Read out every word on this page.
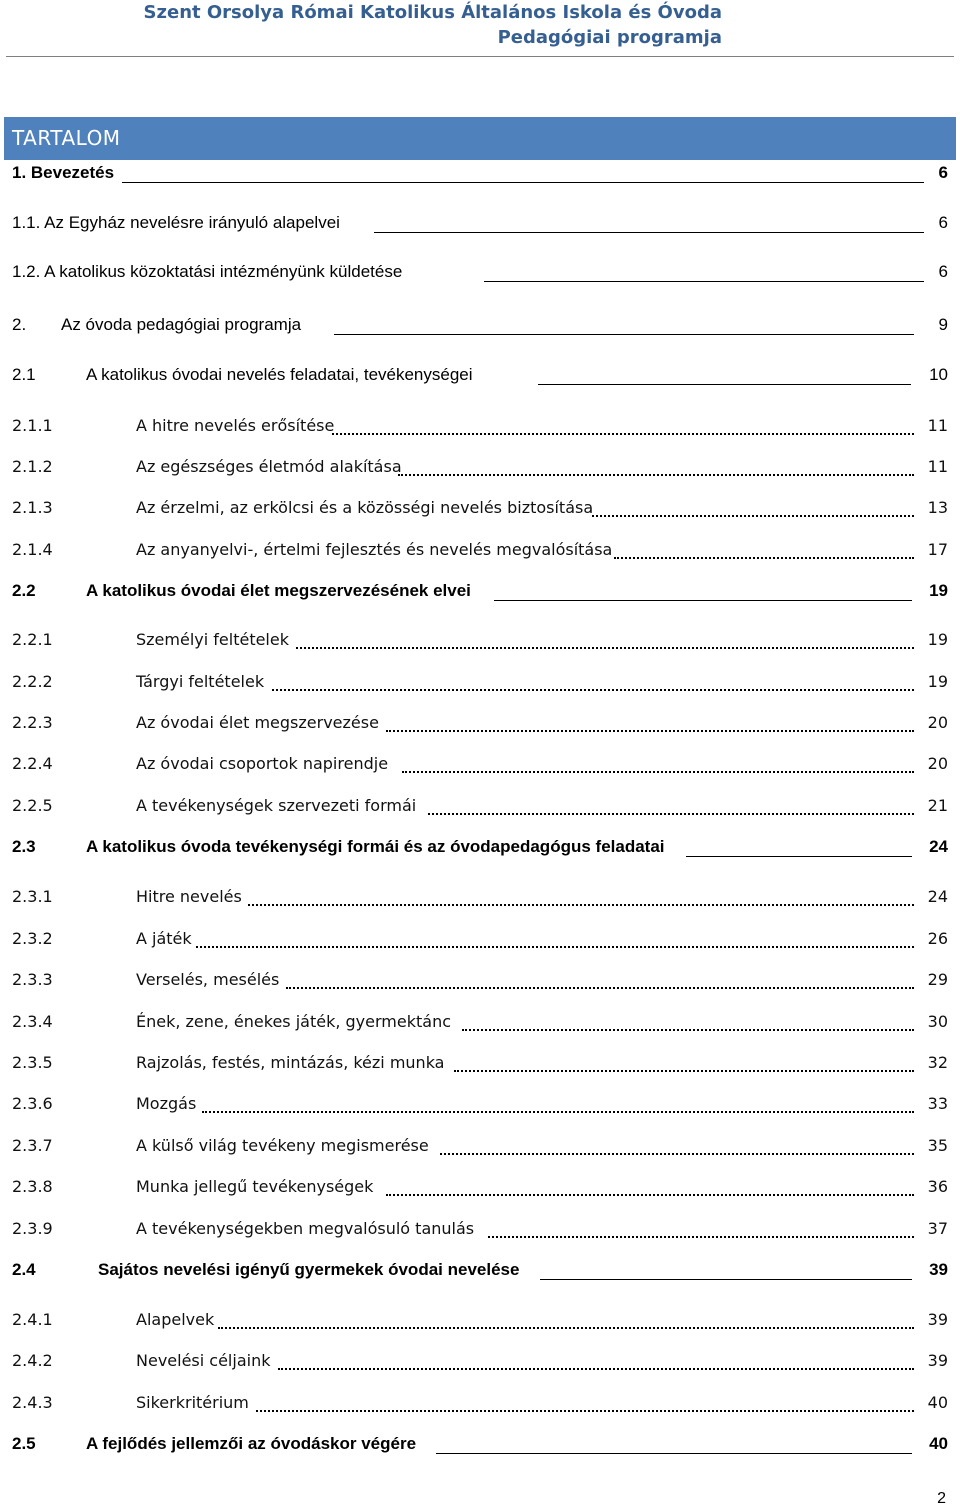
Szent Orsolya Római Katolikus Általános Iskola és Óvoda
Pedagógiai programja
TARTALOM
1. Bevezetés	6
1.1. Az Egyház nevelésre irányuló alapelvei	6
1.2. A katolikus közoktatási intézményünk küldetése	6
2. Az óvoda pedagógiai programja	9
2.1	A katolikus óvodai nevelés feladatai, tevékenységei	10
2.1.1	A hitre nevelés erősítése	11
2.1.2	Az egészséges életmód alakítása	11
2.1.3	Az érzelmi, az erkölcsi és a közösségi nevelés biztosítása	13
2.1.4	Az anyanyelvi-, értelmi fejlesztés és nevelés megvalósítása	17
2.2	A katolikus óvodai élet megszervezésének elvei	19
2.2.1	Személyi feltételek	19
2.2.2	Tárgyi feltételek	19
2.2.3	Az óvodai élet megszervezése	20
2.2.4	Az óvodai csoportok napirendje	20
2.2.5	A tevékenységek szervezeti formái	21
2.3	A katolikus óvoda tevékenységi formái és az óvodapedagógus feladatai	24
2.3.1	Hitre nevelés	24
2.3.2	A játék	26
2.3.3	Verselés, mesélés	29
2.3.4	Ének, zene, énekes játék, gyermektánc	30
2.3.5	Rajzolás, festés, mintázás, kézi munka	32
2.3.6	Mozgás	33
2.3.7	A külső világ tevékeny megismerése	35
2.3.8	Munka jellegű tevékenységek	36
2.3.9	A tevékenységekben megvalósuló tanulás	37
2.4	Sajátos nevelési igényű gyermekek óvodai nevelése	39
2.4.1	Alapelvek	39
2.4.2	Nevelési céljaink	39
2.4.3	Sikerkritérium	40
2.5	A fejlődés jellemzői az óvodáskor végére	40
2
